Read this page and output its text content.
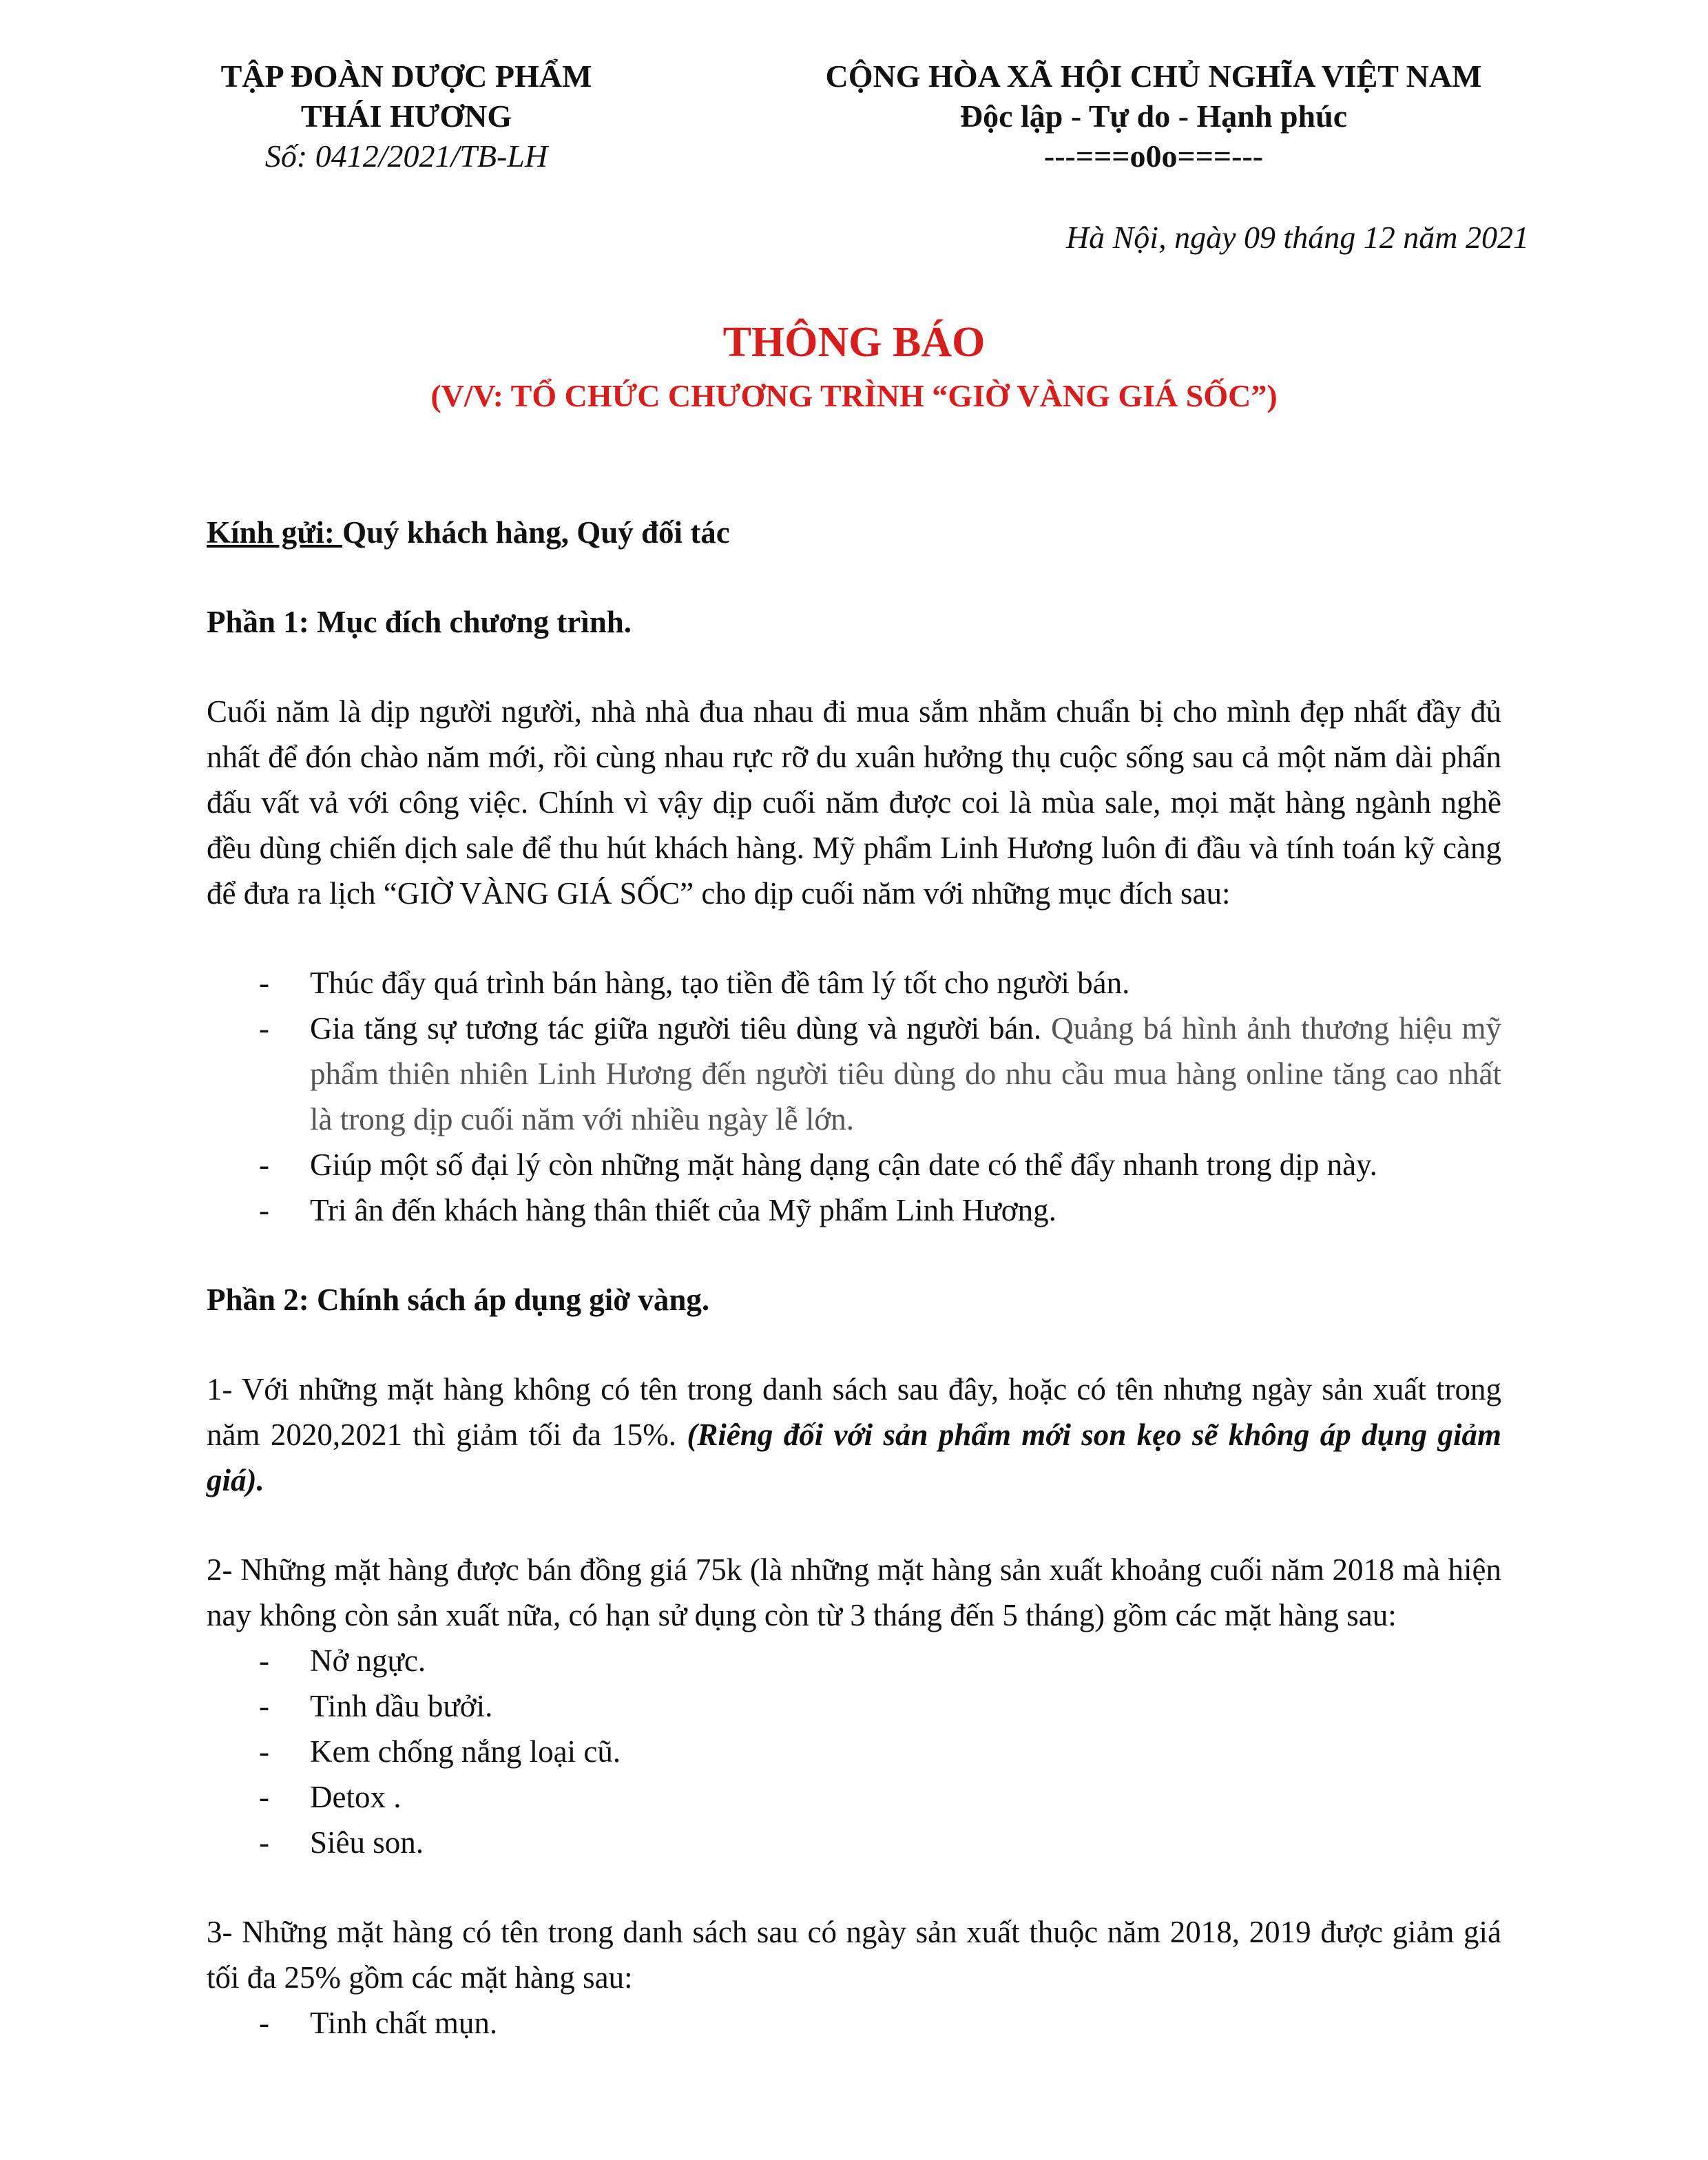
TẬP ĐOÀN DƯỢC PHẨM
THÁI HƯƠNG
Số: 0412/2021/TB-LH
CỘNG HÒA XÃ HỘI CHỦ NGHĨA VIỆT NAM
Độc lập - Tự do - Hạnh phúc
---===o0o===---
Hà Nội, ngày 09 tháng 12 năm 2021
THÔNG BÁO
(V/V: TỔ CHỨC CHƯƠNG TRÌNH “GIỜ VÀNG GIÁ SỐC”)

Kính gửi: Quý khách hàng, Quý đối tác

Phần 1: Mục đích chương trình.

Cuối năm là dịp người người, nhà nhà đua nhau đi mua sắm nhằm chuẩn bị cho mình đẹp nhất đầy đủ nhất để đón chào năm mới, rồi cùng nhau rực rỡ du xuân hưởng thụ cuộc sống sau cả một năm dài phấn đấu vất vả với công việc. Chính vì vậy dịp cuối năm được coi là mùa sale, mọi mặt hàng ngành nghề đều dùng chiến dịch sale để thu hút khách hàng. Mỹ phẩm Linh Hương luôn đi đầu và tính toán kỹ càng để đưa ra lịch “GIỜ VÀNG GIÁ SỐC” cho dịp cuối năm với những mục đích sau:

- Thúc đẩy quá trình bán hàng, tạo tiền đề tâm lý tốt cho người bán.
- Gia tăng sự tương tác giữa người tiêu dùng và người bán. Quảng bá hình ảnh thương hiệu mỹ phẩm thiên nhiên Linh Hương đến người tiêu dùng do nhu cầu mua hàng online tăng cao nhất là trong dịp cuối năm với nhiều ngày lễ lớn.
- Giúp một số đại lý còn những mặt hàng dạng cận date có thể đẩy nhanh trong dịp này.
- Tri ân đến khách hàng thân thiết của Mỹ phẩm Linh Hương.

Phần 2: Chính sách áp dụng giờ vàng.

1- Với những mặt hàng không có tên trong danh sách sau đây, hoặc có tên nhưng ngày sản xuất trong năm 2020,2021 thì giảm tối đa 15%. (Riêng đối với sản phẩm mới son kẹo sẽ không áp dụng giảm giá).

2- Những mặt hàng được bán đồng giá 75k (là những mặt hàng sản xuất khoảng cuối năm 2018 mà hiện nay không còn sản xuất nữa, có hạn sử dụng còn từ 3 tháng đến 5 tháng) gồm các mặt hàng sau:

- Nở ngực.
- Tinh dầu bưởi.
- Kem chống nắng loại cũ.
- Detox .
- Siêu son.

3- Những mặt hàng có tên trong danh sách sau có ngày sản xuất thuộc năm 2018, 2019 được giảm giá tối đa 25% gồm các mặt hàng sau:

- Tinh chất mụn.
